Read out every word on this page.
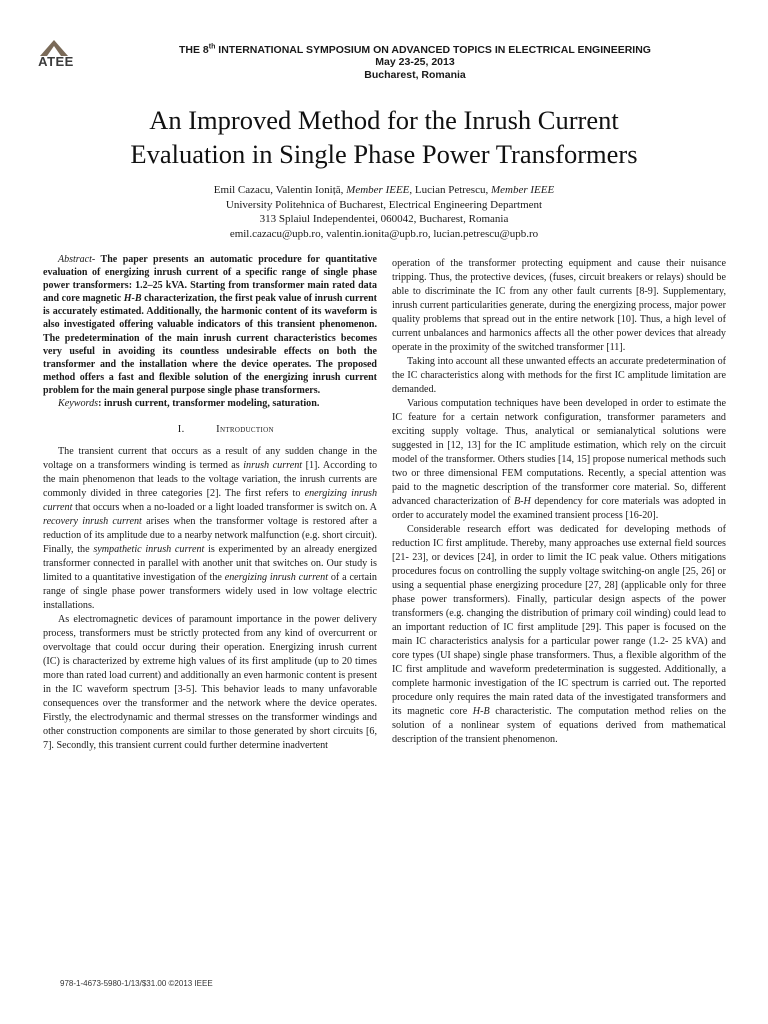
ATEE
THE 8th INTERNATIONAL SYMPOSIUM ON ADVANCED TOPICS IN ELECTRICAL ENGINEERING
May 23-25, 2013
Bucharest, Romania
An Improved Method for the Inrush Current
Evaluation in Single Phase Power Transformers
Emil Cazacu, Valentin Ioniță, Member IEEE, Lucian Petrescu, Member IEEE
University Politehnica of Bucharest, Electrical Engineering Department
313 Splaiul Independentei, 060042, Bucharest, Romania
emil.cazacu@upb.ro, valentin.ionita@upb.ro, lucian.petrescu@upb.ro

Abstract- The paper presents an automatic procedure for quantitative evaluation of energizing inrush current of a specific range of single phase power transformers: 1.2–25 kVA. Starting from transformer main rated data and core magnetic H-B characterization, the first peak value of inrush current is accurately estimated. Additionally, the harmonic content of its waveform is also investigated offering valuable indicators of this transient phenomenon. The predetermination of the main inrush current characteristics becomes very useful in avoiding its countless undesirable effects on both the transformer and the installation where the device operates. The proposed method offers a fast and flexible solution of the energizing inrush current problem for the main general purpose single phase transformers.

Keywords: inrush current, transformer modeling, saturation.

I.	Introduction

The transient current that occurs as a result of any sudden change in the voltage on a transformers winding is termed as inrush current [1]. According to the main phenomenon that leads to the voltage variation, the inrush currents are commonly divided in three categories [2]. The first refers to energizing inrush current that occurs when a no-loaded or a light loaded transformer is switch on. A recovery inrush current arises when the transformer voltage is restored after a reduction of its amplitude due to a nearby network malfunction (e.g. short circuit). Finally, the sympathetic inrush current is experimented by an already energized transformer connected in parallel with another unit that switches on. Our study is limited to a quantitative investigation of the energizing inrush current of a certain range of single phase power transformers widely used in low voltage electric installations.

As electromagnetic devices of paramount importance in the power delivery process, transformers must be strictly protected from any kind of overcurrent or overvoltage that could occur during their operation. Energizing inrush current (IC) is characterized by extreme high values of its first amplitude (up to 20 times more than rated load current) and additionally an even harmonic content is present in the IC waveform spectrum [3-5]. This behavior leads to many unfavorable consequences over the transformer and the network where the device operates. Firstly, the electrodynamic and thermal stresses on the transformer windings and other construction components are similar to those generated by short circuits [6, 7]. Secondly, this transient current could further determine inadvertent

operation of the transformer protecting equipment and cause their nuisance tripping. Thus, the protective devices, (fuses, circuit breakers or relays) should be able to discriminate the IC from any other fault currents [8-9]. Supplementary, inrush current particularities generate, during the energizing process, major power quality problems that spread out in the entire network [10]. Thus, a high level of current unbalances and harmonics affects all the other power devices that already operate in the proximity of the switched transformer [11].

Taking into account all these unwanted effects an accurate predetermination of the IC characteristics along with methods for the first IC amplitude limitation are demanded.

Various computation techniques have been developed in order to estimate the IC feature for a certain network configuration, transformer parameters and exciting supply voltage. Thus, analytical or semianalytical solutions were suggested in [12, 13] for the IC amplitude estimation, which rely on the circuit model of the transformer. Others studies [14, 15] propose numerical methods such two or three dimensional FEM computations. Recently, a special attention was paid to the magnetic description of the transformer core material. So, different advanced characterization of B-H dependency for core materials was adopted in order to accurately model the examined transient process [16-20].

Considerable research effort was dedicated for developing methods of reduction IC first amplitude. Thereby, many approaches use external field sources [21- 23], or devices [24], in order to limit the IC peak value. Others mitigations procedures focus on controlling the supply voltage switching-on angle [25, 26] or using a sequential phase energizing procedure [27, 28] (applicable only for three phase power transformers). Finally, particular design aspects of the power transformers (e.g. changing the distribution of primary coil winding) could lead to an important reduction of IC first amplitude [29]. This paper is focused on the main IC characteristics analysis for a particular power range (1.2- 25 kVA) and core types (UI shape) single phase transformers. Thus, a flexible algorithm of the IC first amplitude and waveform predetermination is suggested. Additionally, a complete harmonic investigation of the IC spectrum is carried out. The reported procedure only requires the main rated data of the investigated transformers and its magnetic core H-B characteristic. The computation method relies on the solution of a nonlinear system of equations derived from mathematical description of the transient phenomenon.

978-1-4673-5980-1/13/$31.00 ©2013 IEEE
